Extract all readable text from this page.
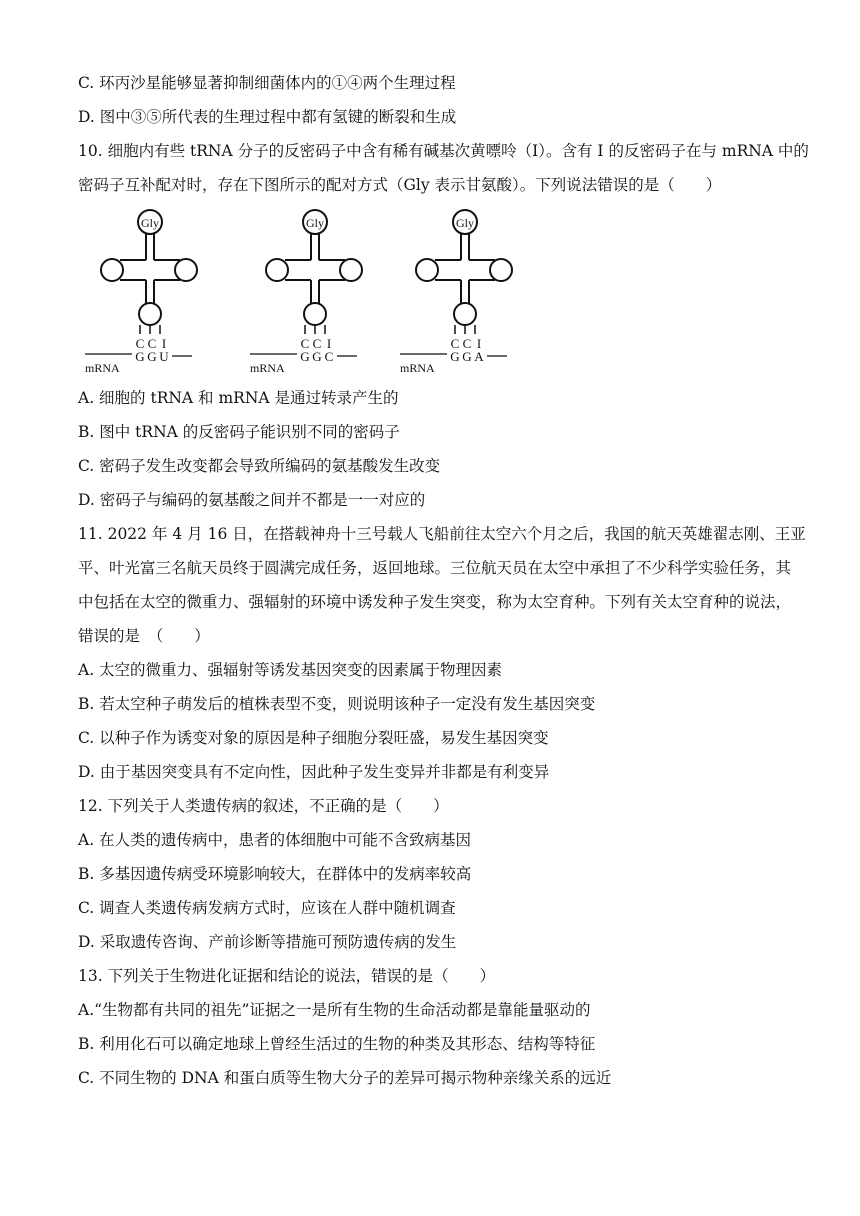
C. 环丙沙星能够显著抑制细菌体内的①④两个生理过程
D. 图中③⑤所代表的生理过程中都有氢键的断裂和生成
10. 细胞内有些 tRNA 分子的反密码子中含有稀有碱基次黄嘌呤（I）。含有 I 的反密码子在与 mRNA 中的
密码子互补配对时，存在下图所示的配对方式（Gly 表示甘氨酸）。下列说法错误的是（　　）
Gly
C C I
G G U
mRNA
Gly
C C I
G G C
mRNA
Gly
C C I
G G A
mRNA
A. 细胞的 tRNA 和 mRNA 是通过转录产生的
B. 图中 tRNA 的反密码子能识别不同的密码子
C. 密码子发生改变都会导致所编码的氨基酸发生改变
D. 密码子与编码的氨基酸之间并不都是一一对应的
11. 2022 年 4 月 16 日，在搭载神舟十三号载人飞船前往太空六个月之后，我国的航天英雄翟志刚、王亚
平、叶光富三名航天员终于圆满完成任务，返回地球。三位航天员在太空中承担了不少科学实验任务，其
中包括在太空的微重力、强辐射的环境中诱发种子发生突变，称为太空育种。下列有关太空育种的说法，
错误的是　（　　）
A. 太空的微重力、强辐射等诱发基因突变的因素属于物理因素
B. 若太空种子萌发后的植株表型不变，则说明该种子一定没有发生基因突变
C. 以种子作为诱变对象的原因是种子细胞分裂旺盛，易发生基因突变
D. 由于基因突变具有不定向性，因此种子发生变异并非都是有利变异
12. 下列关于人类遗传病的叙述，不正确的是（　　）
A. 在人类的遗传病中，患者的体细胞中可能不含致病基因
B. 多基因遗传病受环境影响较大，在群体中的发病率较高
C. 调查人类遗传病发病方式时，应该在人群中随机调查
D. 采取遗传咨询、产前诊断等措施可预防遗传病的发生
13. 下列关于生物进化证据和结论的说法，错误的是（　　）
A.“生物都有共同的祖先”证据之一是所有生物的生命活动都是靠能量驱动的
B. 利用化石可以确定地球上曾经生活过的生物的种类及其形态、结构等特征
C. 不同生物的 DNA 和蛋白质等生物大分子的差异可揭示物种亲缘关系的远近
